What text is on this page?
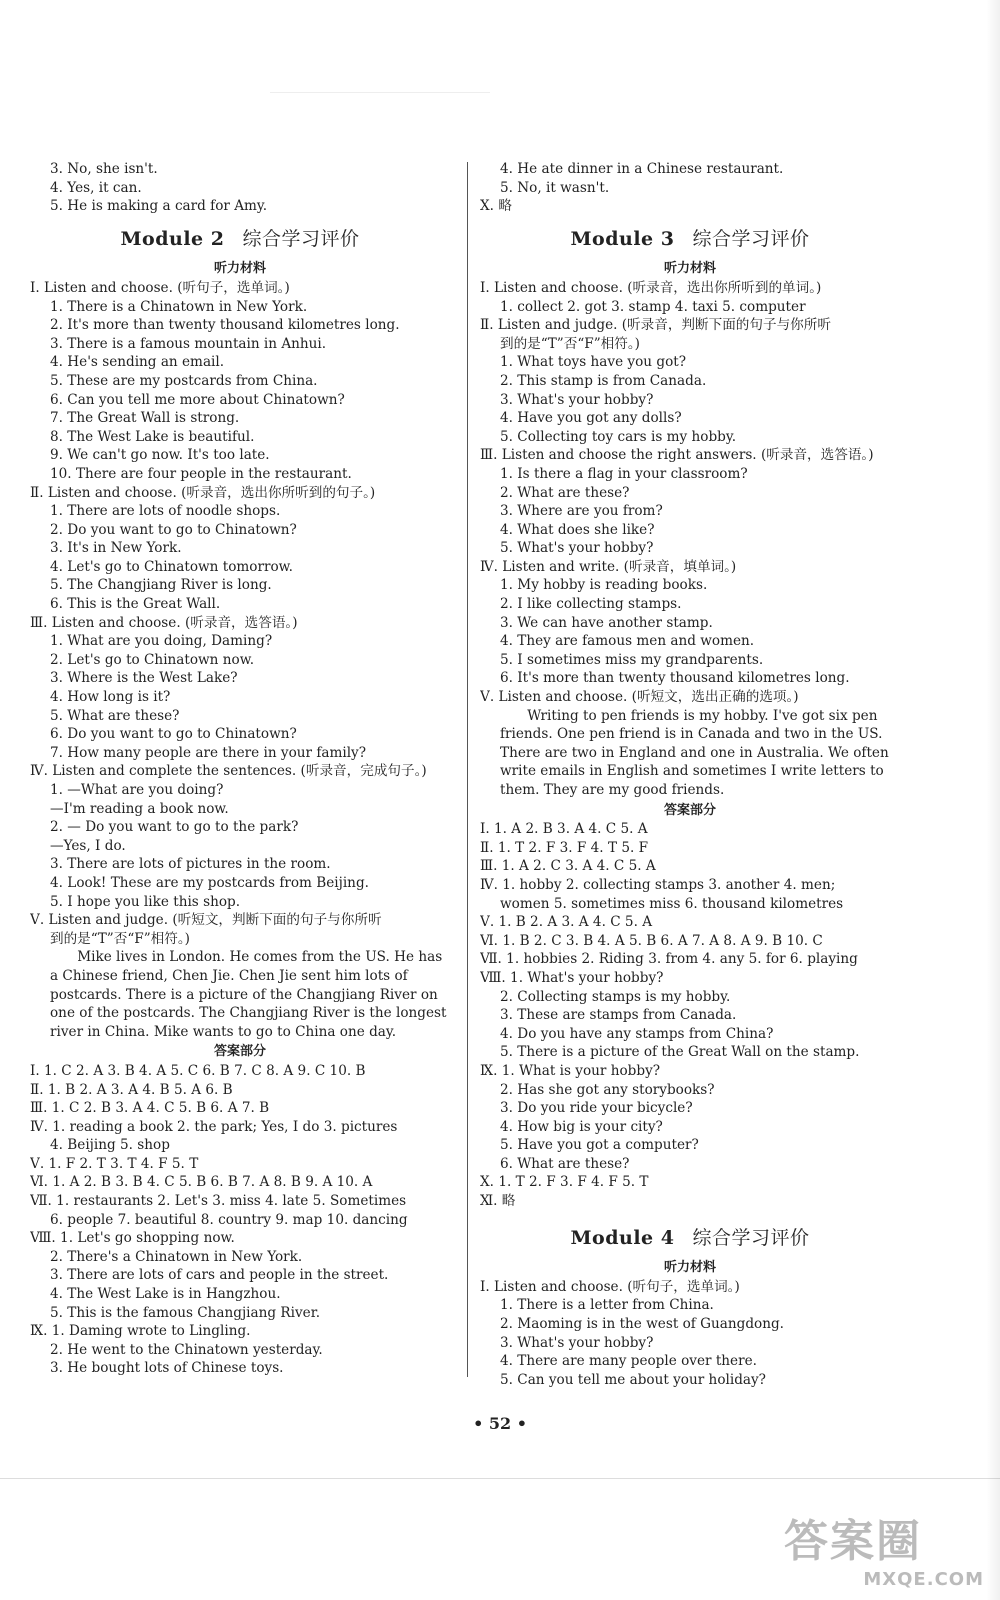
3. No, she isn't.
4. Yes, it can.
5. He is making a card for Amy.
Module 2 综合学习评价
听力材料
Ⅰ. Listen and choose. (听句子，选单词。)
1. There is a Chinatown in New York.
2. It's more than twenty thousand kilometres long.
3. There is a famous mountain in Anhui.
4. He's sending an email.
5. These are my postcards from China.
6. Can you tell me more about Chinatown?
7. The Great Wall is strong.
8. The West Lake is beautiful.
9. We can't go now. It's too late.
10. There are four people in the restaurant.
Ⅱ. Listen and choose. (听录音，选出你所听到的句子。)
1. There are lots of noodle shops.
2. Do you want to go to Chinatown?
3. It's in New York.
4. Let's go to Chinatown tomorrow.
5. The Changjiang River is long.
6. This is the Great Wall.
Ⅲ. Listen and choose. (听录音，选答语。)
1. What are you doing, Daming?
2. Let's go to Chinatown now.
3. Where is the West Lake?
4. How long is it?
5. What are these?
6. Do you want to go to Chinatown?
7. How many people are there in your family?
Ⅳ. Listen and complete the sentences. (听录音，完成句子。)
1. —What are you doing?
—I'm reading a book now.
2. — Do you want to go to the park?
—Yes, I do.
3. There are lots of pictures in the room.
4. Look! These are my postcards from Beijing.
5. I hope you like this shop.
Ⅴ. Listen and judge. (听短文，判断下面的句子与你所听
到的是“T”否“F”相符。)
Mike lives in London. He comes from the US. He has a Chinese friend, Chen Jie. Chen Jie sent him lots of postcards. There is a picture of the Changjiang River on one of the postcards. The Changjiang River is the longest river in China. Mike wants to go to China one day.
答案部分
Ⅰ. 1. C 2. A 3. B 4. A 5. C 6. B 7. C 8. A 9. C 10. B
Ⅱ. 1. B 2. A 3. A 4. B 5. A 6. B
Ⅲ. 1. C 2. B 3. A 4. C 5. B 6. A 7. B
Ⅳ. 1. reading a book 2. the park; Yes, I do 3. pictures
4. Beijing 5. shop
Ⅴ. 1. F 2. T 3. T 4. F 5. T
Ⅵ. 1. A 2. B 3. B 4. C 5. B 6. B 7. A 8. B 9. A 10. A
Ⅶ. 1. restaurants 2. Let's 3. miss 4. late 5. Sometimes
6. people 7. beautiful 8. country 9. map 10. dancing
Ⅷ. 1. Let's go shopping now.
2. There's a Chinatown in New York.
3. There are lots of cars and people in the street.
4. The West Lake is in Hangzhou.
5. This is the famous Changjiang River.
Ⅸ. 1. Daming wrote to Lingling.
2. He went to the Chinatown yesterday.
3. He bought lots of Chinese toys.
4. He ate dinner in a Chinese restaurant.
5. No, it wasn't.
Ⅹ. 略
Module 3 综合学习评价
听力材料
Ⅰ. Listen and choose. (听录音，选出你所听到的单词。)
1. collect 2. got 3. stamp 4. taxi 5. computer
Ⅱ. Listen and judge. (听录音，判断下面的句子与你所听
到的是“T”否“F”相符。)
1. What toys have you got?
2. This stamp is from Canada.
3. What's your hobby?
4. Have you got any dolls?
5. Collecting toy cars is my hobby.
Ⅲ. Listen and choose the right answers. (听录音，选答语。)
1. Is there a flag in your classroom?
2. What are these?
3. Where are you from?
4. What does she like?
5. What's your hobby?
Ⅳ. Listen and write. (听录音，填单词。)
1. My hobby is reading books.
2. I like collecting stamps.
3. We can have another stamp.
4. They are famous men and women.
5. I sometimes miss my grandparents.
6. It's more than twenty thousand kilometres long.
Ⅴ. Listen and choose. (听短文，选出正确的选项。)
Writing to pen friends is my hobby. I've got six pen friends. One pen friend is in Canada and two in the US. There are two in England and one in Australia. We often write emails in English and sometimes I write letters to them. They are my good friends.
答案部分
Ⅰ. 1. A 2. B 3. A 4. C 5. A
Ⅱ. 1. T 2. F 3. F 4. T 5. F
Ⅲ. 1. A 2. C 3. A 4. C 5. A
Ⅳ. 1. hobby 2. collecting stamps 3. another 4. men;
women 5. sometimes miss 6. thousand kilometres
Ⅴ. 1. B 2. A 3. A 4. C 5. A
Ⅵ. 1. B 2. C 3. B 4. A 5. B 6. A 7. A 8. A 9. B 10. C
Ⅶ. 1. hobbies 2. Riding 3. from 4. any 5. for 6. playing
Ⅷ. 1. What's your hobby?
2. Collecting stamps is my hobby.
3. These are stamps from Canada.
4. Do you have any stamps from China?
5. There is a picture of the Great Wall on the stamp.
Ⅸ. 1. What is your hobby?
2. Has she got any storybooks?
3. Do you ride your bicycle?
4. How big is your city?
5. Have you got a computer?
6. What are these?
Ⅹ. 1. T 2. F 3. F 4. F 5. T
Ⅺ. 略
Module 4 综合学习评价
听力材料
Ⅰ. Listen and choose. (听句子，选单词。)
1. There is a letter from China.
2. Maoming is in the west of Guangdong.
3. What's your hobby?
4. There are many people over there.
5. Can you tell me about your holiday?
• 52 •
答案圈
MXQE.COM
